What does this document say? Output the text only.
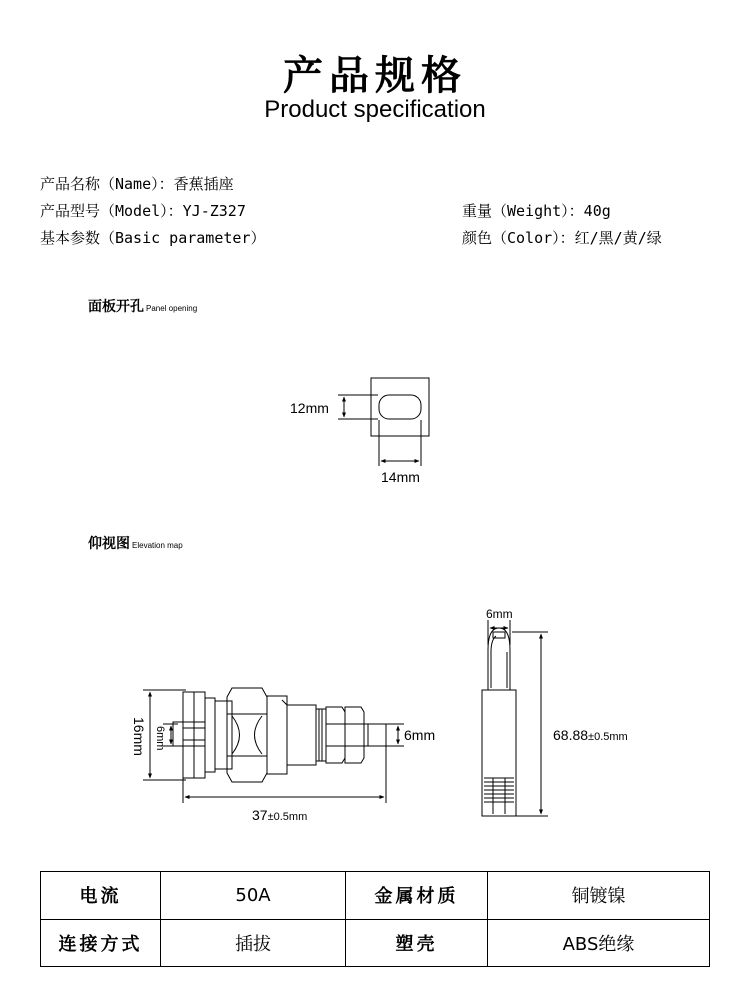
产品规格
Product specification
产品名称（Name）：香蕉插座
产品型号（Model）：YJ-Z327
基本参数（Basic parameter）
重量（Weight）：40g
颜色（Color）：红/黑/黄/绿
面板开孔 Panel opening
12mm
14mm
16mm 6mm	6mm
37±0.5mm
6mm
68.88±0.5mm
仰视图 Elevation map
电流	50A	金属材质	铜镀镍
连接方式	插拔	塑壳	ABS绝缘
